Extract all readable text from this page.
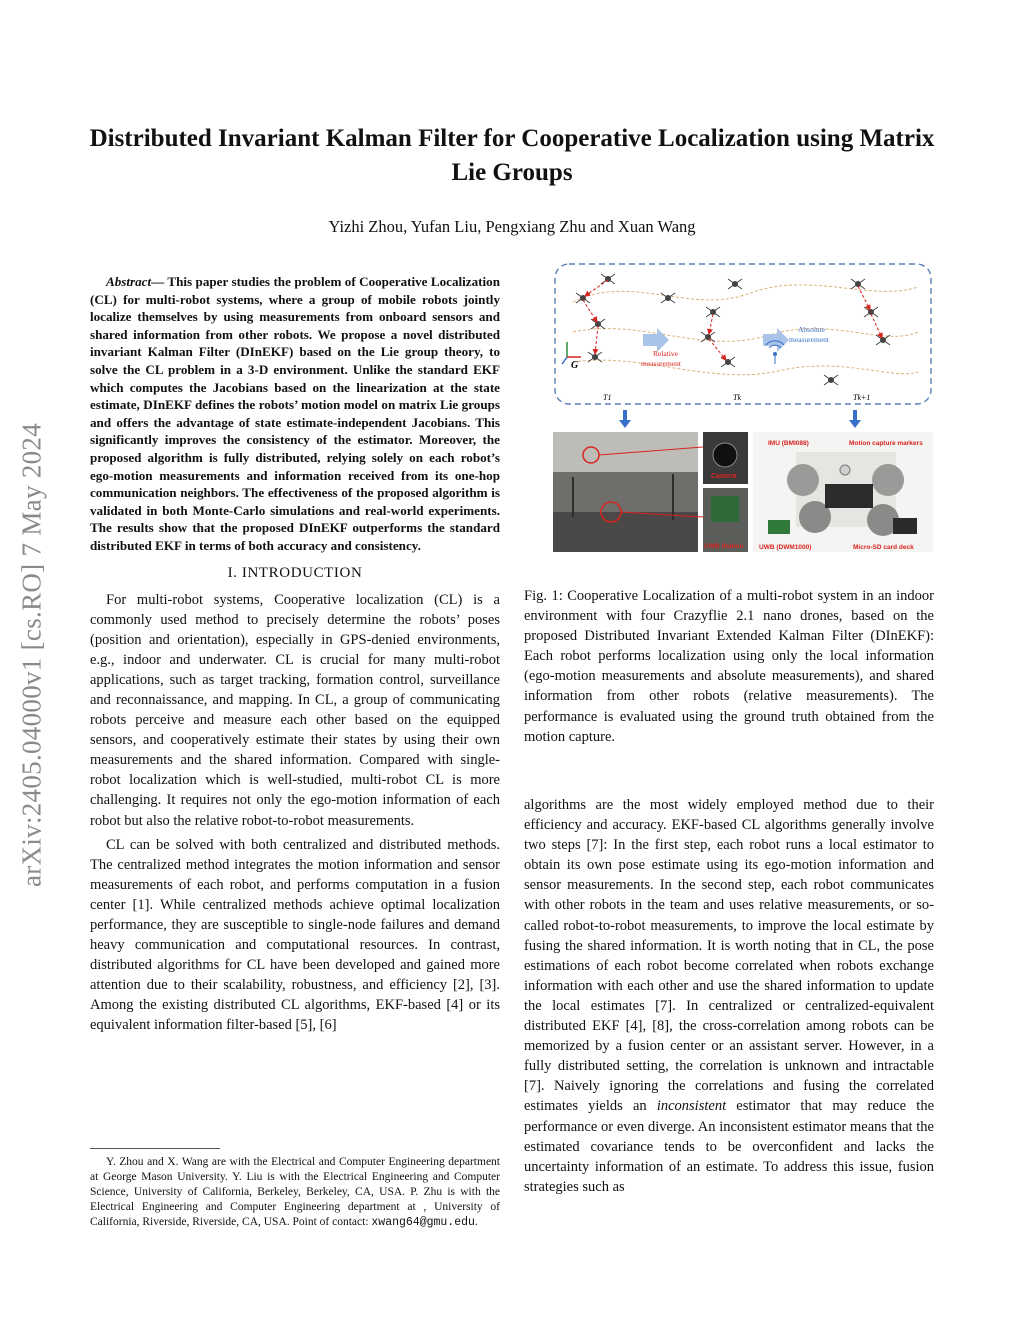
arXiv:2405.04000v1 [cs.RO] 7 May 2024
Distributed Invariant Kalman Filter for Cooperative Localization using Matrix Lie Groups

Yizhi Zhou, Yufan Liu, Pengxiang Zhu and Xuan Wang

Abstract— This paper studies the problem of Cooperative Localization (CL) for multi-robot systems, where a group of mobile robots jointly localize themselves by using measurements from onboard sensors and shared information from other robots. We propose a novel distributed invariant Kalman Filter (DInEKF) based on the Lie group theory, to solve the CL problem in a 3-D environment. Unlike the standard EKF which computes the Jacobians based on the linearization at the state estimate, DInEKF defines the robots’ motion model on matrix Lie groups and offers the advantage of state estimate-independent Jacobians. This significantly improves the consistency of the estimator. Moreover, the proposed algorithm is fully distributed, relying solely on each robot’s ego-motion measurements and information received from its one-hop communication neighbors. The effectiveness of the proposed algorithm is validated in both Monte-Carlo simulations and real-world experiments. The results show that the proposed DInEKF outperforms the standard distributed EKF in terms of both accuracy and consistency.

I. INTRODUCTION

For multi-robot systems, Cooperative localization (CL) is a commonly used method to precisely determine the robots’ poses (position and orientation), especially in GPS-denied environments, e.g., indoor and underwater. CL is crucial for many multi-robot applications, such as target tracking, formation control, surveillance and reconnaissance, and mapping. In CL, a group of communicating robots perceive and measure each other based on the equipped sensors, and cooperatively estimate their states by using their own measurements and the shared information. Compared with single-robot localization which is well-studied, multi-robot CL is more challenging. It requires not only the ego-motion information of each robot but also the relative robot-to-robot measurements.

CL can be solved with both centralized and distributed methods. The centralized method integrates the motion information and sensor measurements of each robot, and performs computation in a fusion center [1]. While centralized methods achieve optimal localization performance, they are susceptible to single-node failures and demand heavy communication and computational resources. In contrast, distributed algorithms for CL have been developed and gained more attention due to their scalability, robustness, and efficiency [2], [3]. Among the existing distributed CL algorithms, EKF-based [4] or its equivalent information filter-based [5], [6]

Y. Zhou and X. Wang are with the Electrical and Computer Engineering department at George Mason University. Y. Liu is with the Electrical Engineering and Computer Science, University of California, Berkeley, Berkeley, CA, USA. P. Zhu is with the Electrical Engineering and Computer Engineering department at , University of California, Riverside, Riverside, CA, USA. Point of contact: xwang64@gmu.edu.

G
Relative
measurement
Absolute
measurement
T1	Tk	Tk+1
Camera
UWB Station
IMU (BMI088)	Motion capture markers
UWB (DWM1000)	Micro-SD card deck

Fig. 1: Cooperative Localization of a multi-robot system in an indoor environment with four Crazyflie 2.1 nano drones, based on the proposed Distributed Invariant Extended Kalman Filter (DInEKF): Each robot performs localization using only the local information (ego-motion measurements and absolute measurements), and shared information from other robots (relative measurements). The performance is evaluated using the ground truth obtained from the motion capture.

algorithms are the most widely employed method due to their efficiency and accuracy. EKF-based CL algorithms generally involve two steps [7]: In the first step, each robot runs a local estimator to obtain its own pose estimate using its ego-motion information and sensor measurements. In the second step, each robot communicates with other robots in the team and uses relative measurements, or so-called robot-to-robot measurements, to improve the local estimate by fusing the shared information. It is worth noting that in CL, the pose estimations of each robot become correlated when robots exchange information with each other and use the shared information to update the local estimates [7]. In centralized or centralized-equivalent distributed EKF [4], [8], the cross-correlation among robots can be memorized by a fusion center or an assistant server. However, in a fully distributed setting, the correlation is unknown and intractable [7]. Naively ignoring the correlations and fusing the correlated estimates yields an inconsistent estimator that may reduce the performance or even diverge. An inconsistent estimator means that the estimated covariance tends to be overconfident and lacks the uncertainty information of an estimate. To address this issue, fusion strategies such as
